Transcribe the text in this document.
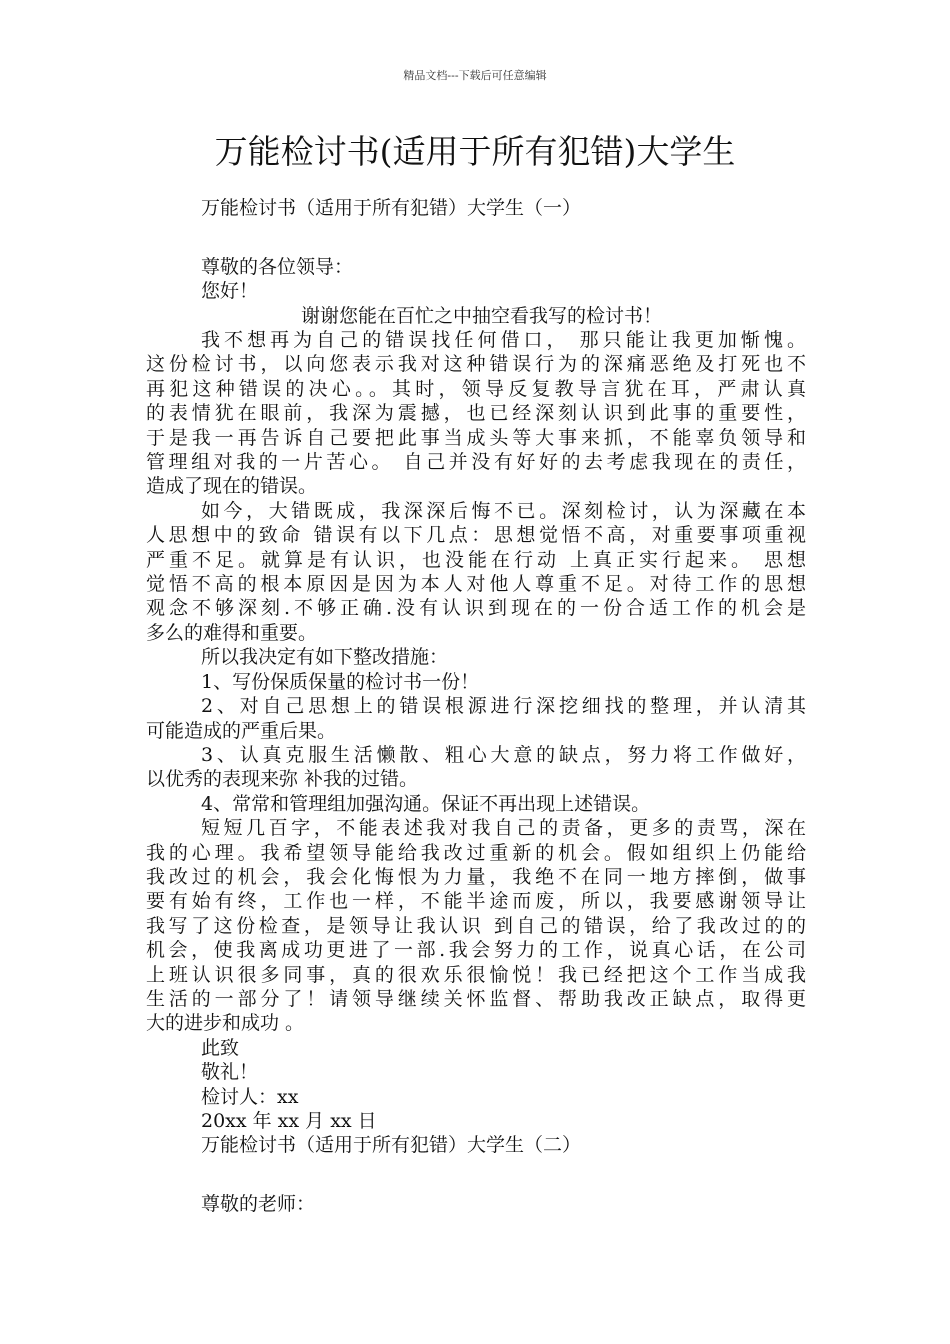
精品文档---下载后可任意编辑
万能检讨书(适用于所有犯错)大学生

万能检讨书（适用于所有犯错）大学生（一）

尊敬的各位领导：

您好！

谢谢您能在百忙之中抽空看我写的检讨书！

我不想再为自己的错误找任何借口， 那只能让我更加惭愧。

这份检讨书，以向您表示我对这种错误行为的深痛恶绝及打死也不

再犯这种错误的决心。。其时，领导反复教导言犹在耳，严肃认真

的表情犹在眼前，我深为震撼，也已经深刻认识到此事的重要性，

于是我一再告诉自己要把此事当成头等大事来抓，不能辜负领导和

管理组对我的一片苦心。 自己并没有好好的去考虑我现在的责任，

造成了现在的错误。

如今，大错既成，我深深后悔不已。深刻检讨，认为深藏在本

人思想中的致命 错误有以下几点：思想觉悟不高，对重要事项重视

严重不足。就算是有认识，也没能在行动 上真正实行起来。 思想

觉悟不高的根本原因是因为本人对他人尊重不足。对待工作的思想

观念不够深刻.不够正确.没有认识到现在的一份合适工作的机会是

多么的难得和重要。

所以我决定有如下整改措施：

1、写份保质保量的检讨书一份！

2、对自己思想上的错误根源进行深挖细找的整理，并认清其

可能造成的严重后果。

3、认真克服生活懒散、粗心大意的缺点，努力将工作做好，

以优秀的表现来弥 补我的过错。

4、常常和管理组加强沟通。保证不再出现上述错误。

短短几百字，不能表述我对我自己的责备，更多的责骂，深在

我的心理。我希望领导能给我改过重新的机会。假如组织上仍能给

我改过的机会，我会化悔恨为力量，我绝不在同一地方摔倒，做事

要有始有终，工作也一样，不能半途而废，所以，我要感谢领导让

我写了这份检查，是领导让我认识 到自己的错误，给了我改过的的

机会，使我离成功更进了一部.我会努力的工作，说真心话，在公司

上班认识很多同事，真的很欢乐很愉悦！我已经把这个工作当成我

生活的一部分了！请领导继续关怀监督、帮助我改正缺点，取得更

大的进步和成功 。

此致

敬礼！

检讨人：xx

20xx 年 xx 月 xx 日

万能检讨书（适用于所有犯错）大学生（二）

尊敬的老师：
